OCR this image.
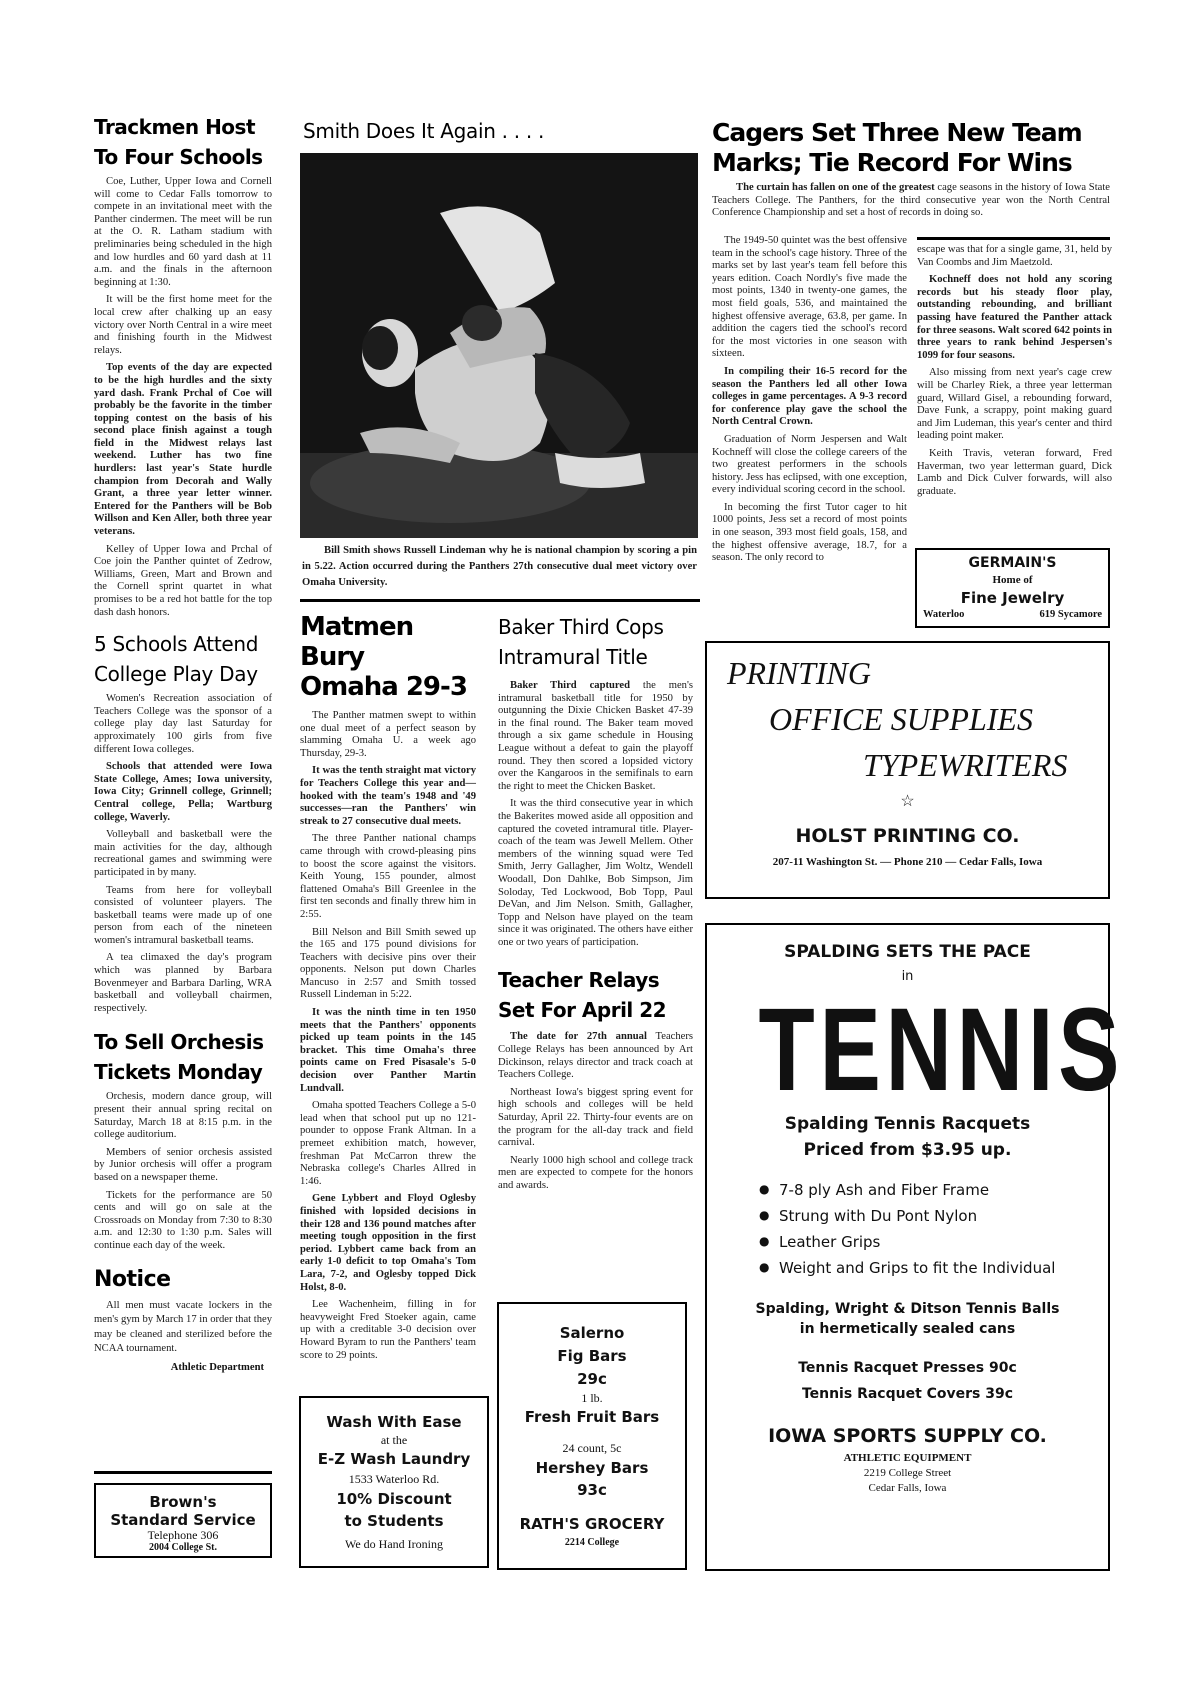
Trackmen Host
To Four Schools

Coe, Luther, Upper Iowa and Cornell will come to Cedar Falls tomorrow to compete in an invitational meet with the Panther cindermen. The meet will be run at the O. R. Latham stadium with preliminaries being scheduled in the high and low hurdles and 60 yard dash at 11 a.m. and the finals in the afternoon beginning at 1:30.

It will be the first home meet for the local crew after chalking up an easy victory over North Central in a wire meet and finishing fourth in the Midwest relays.

Top events of the day are expected to be the high hurdles and the sixty yard dash. Frank Prchal of Coe will probably be the favorite in the timber topping contest on the basis of his second place finish against a tough field in the Midwest relays last weekend. Luther has two fine hurdlers: last year's State hurdle champion from Decorah and Wally Grant, a three year letter winner. Entered for the Panthers will be Bob Willson and Ken Aller, both three year veterans.

Kelley of Upper Iowa and Prchal of Coe join the Panther quintet of Zedrow, Williams, Green, Mart and Brown and the Cornell sprint quartet in what promises to be a red hot battle for the top dash dash honors.

5 Schools Attend
College Play Day

Women's Recreation association of Teachers College was the sponsor of a college play day last Saturday for approximately 100 girls from five different Iowa colleges.

Schools that attended were Iowa State College, Ames; Iowa university, Iowa City; Grinnell college, Grinnell; Central college, Pella; Wartburg college, Waverly.

Volleyball and basketball were the main activities for the day, although recreational games and swimming were participated in by many.

Teams from here for volleyball consisted of volunteer players. The basketball teams were made up of one person from each of the nineteen women's intramural basketball teams.

A tea climaxed the day's program which was planned by Barbara Bovenmeyer and Barbara Darling, WRA basketball and volleyball chairmen, respectively.

To Sell Orchesis
Tickets Monday

Orchesis, modern dance group, will present their annual spring recital on Saturday, March 18 at 8:15 p.m. in the college auditorium.

Members of senior orchesis assisted by Junior orchesis will offer a program based on a newspaper theme.

Tickets for the performance are 50 cents and will go on sale at the Crossroads on Monday from 7:30 to 8:30 a.m. and 12:30 to 1:30 p.m. Sales will continue each day of the week.

Notice

All men must vacate lockers in the men's gym by March 17 in order that they may be cleaned and sterilized before the NCAA tournament.

Athletic Department
Brown's
Standard Service
Telephone 306
2004 College St.
Smith Does It Again . . . .

Bill Smith shows Russell Lindeman why he is national champion by scoring a pin in 5.22. Action occurred during the Panthers 27th consecutive dual meet victory over Omaha University.

Matmen Bury
Omaha 29-3

The Panther matmen swept to within one dual meet of a perfect season by slamming Omaha U. a week ago Thursday, 29-3.

It was the tenth straight mat victory for Teachers College this year and—hooked with the team's 1948 and '49 successes—ran the Panthers' win streak to 27 consecutive dual meets.

The three Panther national champs came through with crowd-pleasing pins to boost the score against the visitors. Keith Young, 155 pounder, almost flattened Omaha's Bill Greenlee in the first ten seconds and finally threw him in 2:55.

Bill Nelson and Bill Smith sewed up the 165 and 175 pound divisions for Teachers with decisive pins over their opponents. Nelson put down Charles Mancuso in 2:57 and Smith tossed Russell Lindeman in 5:22.

It was the ninth time in ten 1950 meets that the Panthers' opponents picked up team points in the 145 bracket. This time Omaha's three points came on Fred Pisasale's 5-0 decision over Panther Martin Lundvall.

Omaha spotted Teachers College a 5-0 lead when that school put up no 121-pounder to oppose Frank Altman. In a premeet exhibition match, however, freshman Pat McCarron threw the Nebraska college's Charles Allred in 1:46.

Gene Lybbert and Floyd Oglesby finished with lopsided decisions in their 128 and 136 pound matches after meeting tough opposition in the first period. Lybbert came back from an early 1-0 deficit to top Omaha's Tom Lara, 7-2, and Oglesby topped Dick Holst, 8-0.

Lee Wachenheim, filling in for heavyweight Fred Stoeker again, came up with a creditable 3-0 decision over Howard Byram to run the Panthers' team score to 29 points.

Wash With Ease
at the
E-Z Wash Laundry
1533 Waterloo Rd.
10% Discount
to Students
We do Hand Ironing
Baker Third Cops
Intramural Title

Baker Third captured the men's intramural basketball title for 1950 by outgunning the Dixie Chicken Basket 47-39 in the final round. The Baker team moved through a six game schedule in Housing League without a defeat to gain the playoff round. They then scored a lopsided victory over the Kangaroos in the semifinals to earn the right to meet the Chicken Basket.

It was the third consecutive year in which the Bakerites mowed aside all opposition and captured the coveted intramural title. Player-coach of the team was Jewell Mellem. Other members of the winning squad were Ted Smith, Jerry Gallagher, Jim Woltz, Wendell Woodall, Don Dahlke, Bob Simpson, Jim Soloday, Ted Lockwood, Bob Topp, Paul DeVan, and Jim Nelson. Smith, Gallagher, Topp and Nelson have played on the team since it was originated. The others have either one or two years of participation.

Teacher Relays
Set For April 22

The date for 27th annual Teachers College Relays has been announced by Art Dickinson, relays director and track coach at Teachers College.

Northeast Iowa's biggest spring event for high schools and colleges will be held Saturday, April 22. Thirty-four events are on the program for the all-day track and field carnival.

Nearly 1000 high school and college track men are expected to compete for the honors and awards.

Salerno
Fig Bars
29c
1 lb.
Fresh Fruit Bars
24 count, 5c
Hershey Bars
93c
RATH'S GROCERY
2214 College
Cagers Set Three New Team
Marks; Tie Record For Wins

The curtain has fallen on one of the greatest cage seasons in the history of Iowa State Teachers College. The Panthers, for the third consecutive year won the North Central Conference Championship and set a host of records in doing so.

The 1949-50 quintet was the best offensive team in the school's cage history. Three of the marks set by last year's team fell before this years edition. Coach Nordly's five made the most points, 1340 in twenty-one games, the most field goals, 536, and maintained the highest offensive average, 63.8, per game. In addition the cagers tied the school's record for the most victories in one season with sixteen.

In compiling their 16-5 record for the season the Panthers led all other Iowa colleges in game percentages. A 9-3 record for conference play gave the school the North Central Crown.

Graduation of Norm Jespersen and Walt Kochneff will close the college careers of the two greatest performers in the schools history. Jess has eclipsed, with one exception, every individual scoring cecord in the school.

In becoming the first Tutor cager to hit 1000 points, Jess set a record of most points in one season, 393 most field goals, 158, and the highest offensive average, 18.7, for a season. The only record to

escape was that for a single game, 31, held by Van Coombs and Jim Maetzold.

Kochneff does not hold any scoring records but his steady floor play, outstanding rebounding, and brilliant passing have featured the Panther attack for three seasons. Walt scored 642 points in three years to rank behind Jespersen's 1099 for four seasons.

Also missing from next year's cage crew will be Charley Riek, a three year letterman guard, Willard Gisel, a rebounding forward, Dave Funk, a scrappy, point making guard and Jim Ludeman, this year's center and third leading point maker.

Keith Travis, veteran forward, Fred Haverman, two year letterman guard, Dick Lamb and Dick Culver forwards, will also graduate.

GERMAIN'S
Home of
Fine Jewelry
Waterloo	619 Sycamore
PRINTING
OFFICE SUPPLIES
TYPEWRITERS
☆
HOLST PRINTING CO.
207-11 Washington St. — Phone 210 — Cedar Falls, Iowa
SPALDING SETS THE PACE
in
TENNIS
Spalding Tennis Racquets
Priced from $3.95 up.
● 7-8 ply Ash and Fiber Frame
● Strung with Du Pont Nylon
● Leather Grips
● Weight and Grips to fit the Individual
Spalding, Wright & Ditson Tennis Balls
in hermetically sealed cans
Tennis Racquet Presses 90c
Tennis Racquet Covers 39c
IOWA SPORTS SUPPLY CO.
ATHLETIC EQUIPMENT
2219 College Street
Cedar Falls, Iowa
